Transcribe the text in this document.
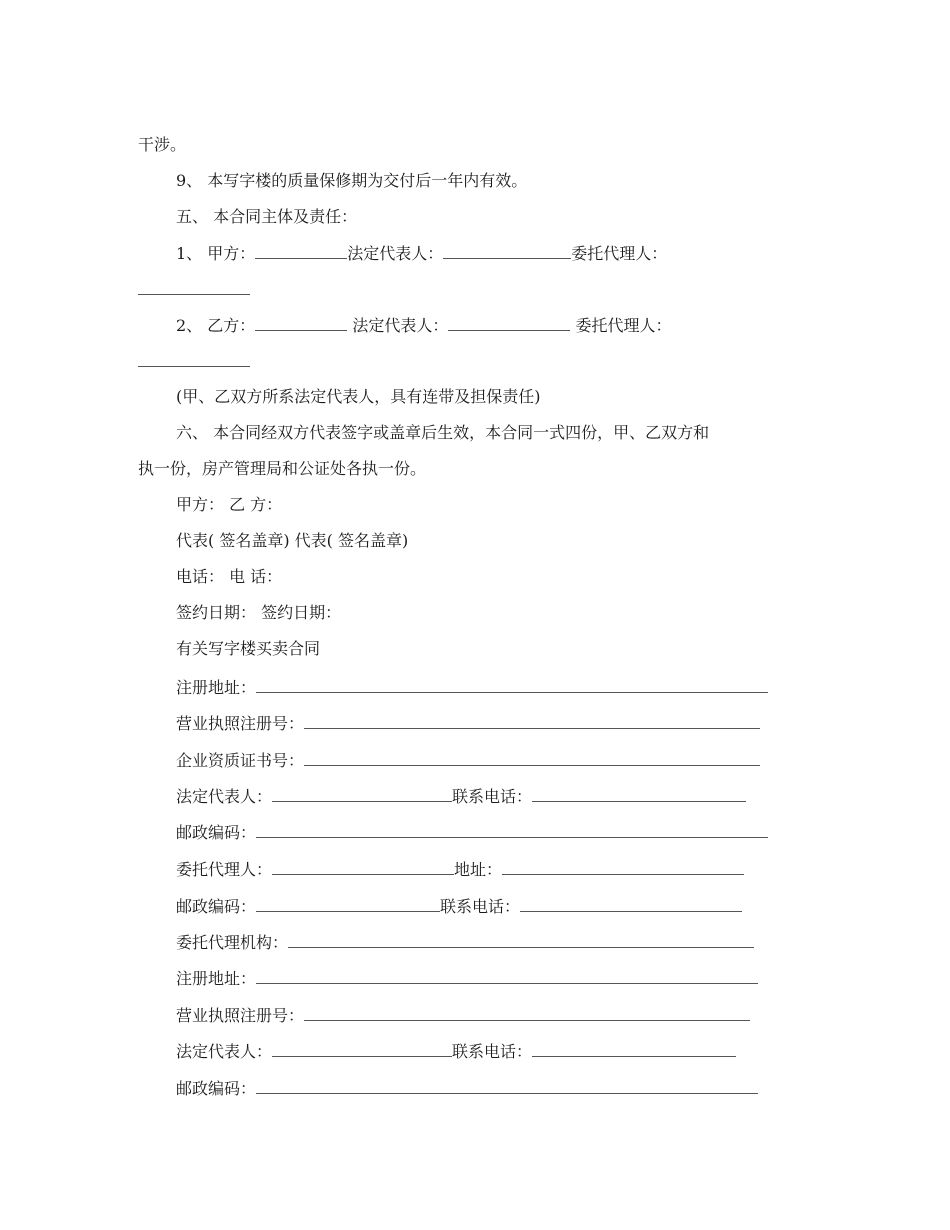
干涉。
9、 本写字楼的质量保修期为交付后一年内有效。
五、 本合同主体及责任：
1、 甲方：	法定代表人：	委托代理人：
2、 乙方：	法定代表人：	委托代理人：
(甲、乙双方所系法定代表人，具有连带及担保责任)
六、 本合同经双方代表签字或盖章后生效，本合同一式四份，甲、乙双方和
执一份，房产管理局和公证处各执一份。
甲方： 乙 方：
代表( 签名盖章) 代表( 签名盖章)
电话： 电 话：
签约日期： 签约日期：
有关写字楼买卖合同
注册地址：
营业执照注册号：
企业资质证书号：
法定代表人：	联系电话：
邮政编码：
委托代理人：	地址：
邮政编码：	联系电话：
委托代理机构：
注册地址：
营业执照注册号：
法定代表人：	联系电话：
邮政编码：
